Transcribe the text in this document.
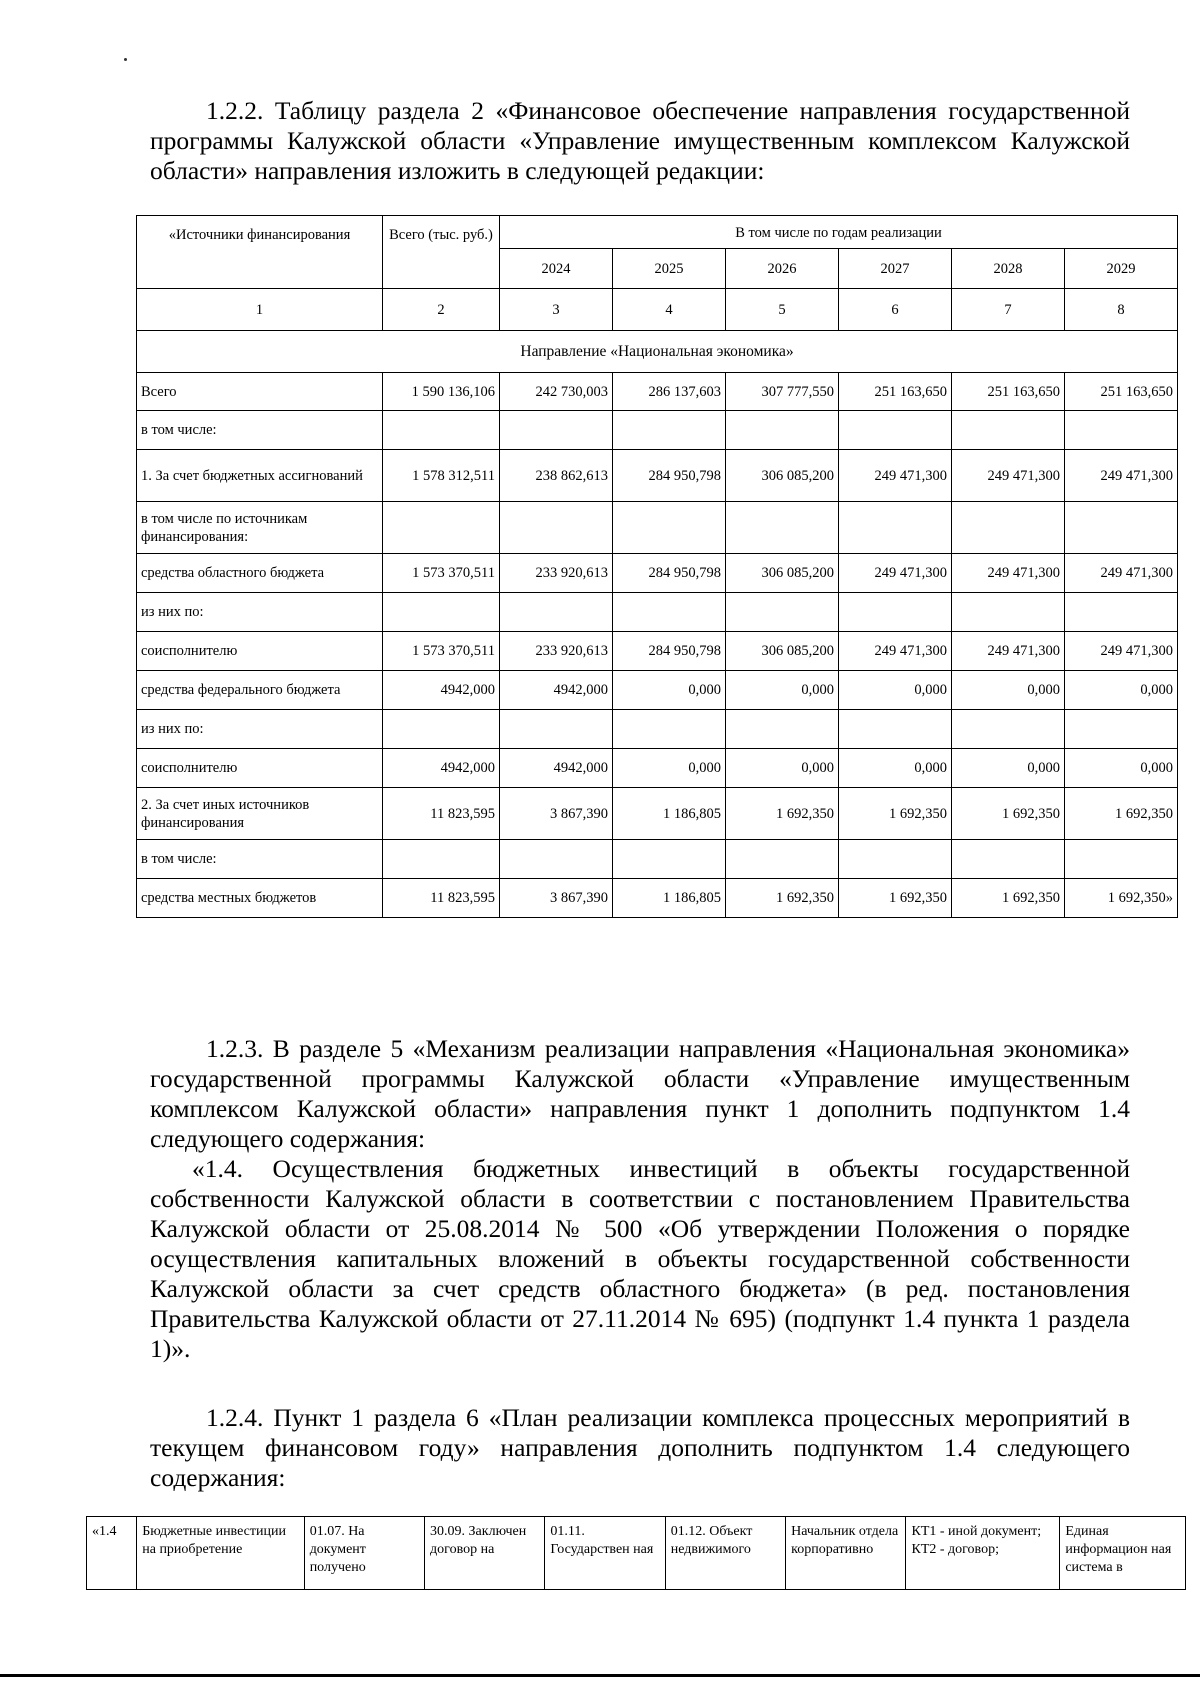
1.2.2. Таблицу раздела 2 «Финансовое обеспечение направления государственной программы Калужской области «Управление имущественным комплексом Калужской области» направления изложить в следующей редакции:
«Источники финансирования	Всего (тыс. руб.)	В том числе по годам реализации					
		2024	2025	2026	2027	2028	2029
1	2	3	4	5	6	7	8
Направление «Национальная экономика»							
Всего	1 590 136,106	242 730,003	286 137,603	307 777,550	251 163,650	251 163,650	251 163,650
в том числе:							
1. За счет бюджетных ассигнований	1 578 312,511	238 862,613	284 950,798	306 085,200	249 471,300	249 471,300	249 471,300
в том числе по источникам финансирования:							
средства областного бюджета	1 573 370,511	233 920,613	284 950,798	306 085,200	249 471,300	249 471,300	249 471,300
из них по:							
соисполнителю	1 573 370,511	233 920,613	284 950,798	306 085,200	249 471,300	249 471,300	249 471,300
средства федерального бюджета	4942,000	4942,000	0,000	0,000	0,000	0,000	0,000
из них по:							
соисполнителю	4942,000	4942,000	0,000	0,000	0,000	0,000	0,000
2. За счет иных источников финансирования	11 823,595	3 867,390	1 186,805	1 692,350	1 692,350	1 692,350	1 692,350
в том числе:							
средства местных бюджетов	11 823,595	3 867,390	1 186,805	1 692,350	1 692,350	1 692,350	1 692,350»
1.2.3. В разделе 5 «Механизм реализации направления «Национальная экономика» государственной программы Калужской области «Управление имущественным комплексом Калужской области» направления пункт 1 дополнить подпунктом 1.4 следующего содержания:
«1.4. Осуществления бюджетных инвестиций в объекты государственной собственности Калужской области в соответствии с постановлением Правительства Калужской области от 25.08.2014 № 500 «Об утверждении Положения о порядке осуществления капитальных вложений в объекты государственной собственности Калужской области за счет средств областного бюджета» (в ред. постановления Правительства Калужской области от 27.11.2014 № 695) (подпункт 1.4 пункта 1 раздела 1)».
1.2.4. Пункт 1 раздела 6 «План реализации комплекса процессных мероприятий в текущем финансовом году» направления дополнить подпунктом 1.4 следующего содержания:
«1.4	Бюджетные инвестиции на приобретение	01.07. На документ получено	30.09. Заключен договор на	01.11. Государствен ная	01.12. Объект недвижимого	Начальник отдела корпоративно	КТ1 - иной документ; КТ2 - договор;	Единая информацион ная система в
